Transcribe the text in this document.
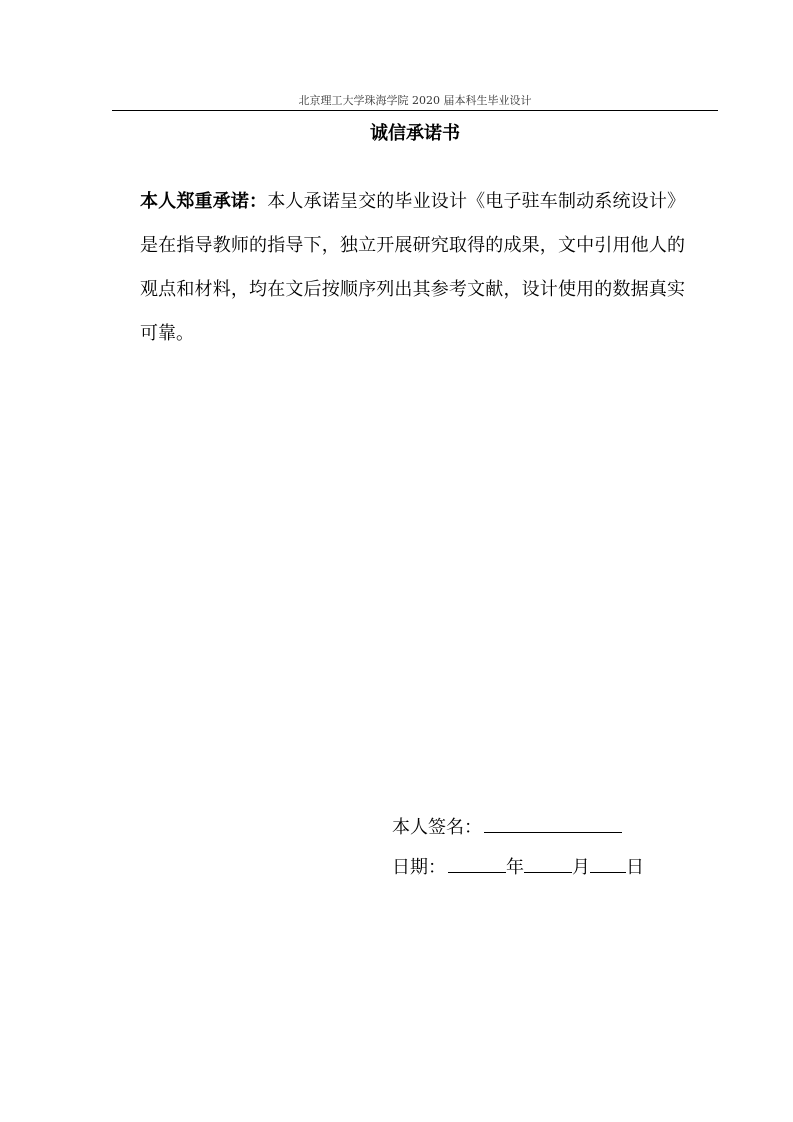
北京理工大学珠海学院 2020 届本科生毕业设计
诚信承诺书
本人郑重承诺：本人承诺呈交的毕业设计《电子驻车制动系统设计》是在指导教师的指导下，独立开展研究取得的成果，文中引用他人的观点和材料，均在文后按顺序列出其参考文献，设计使用的数据真实可靠。
本人签名：
日期：	年	月 日
